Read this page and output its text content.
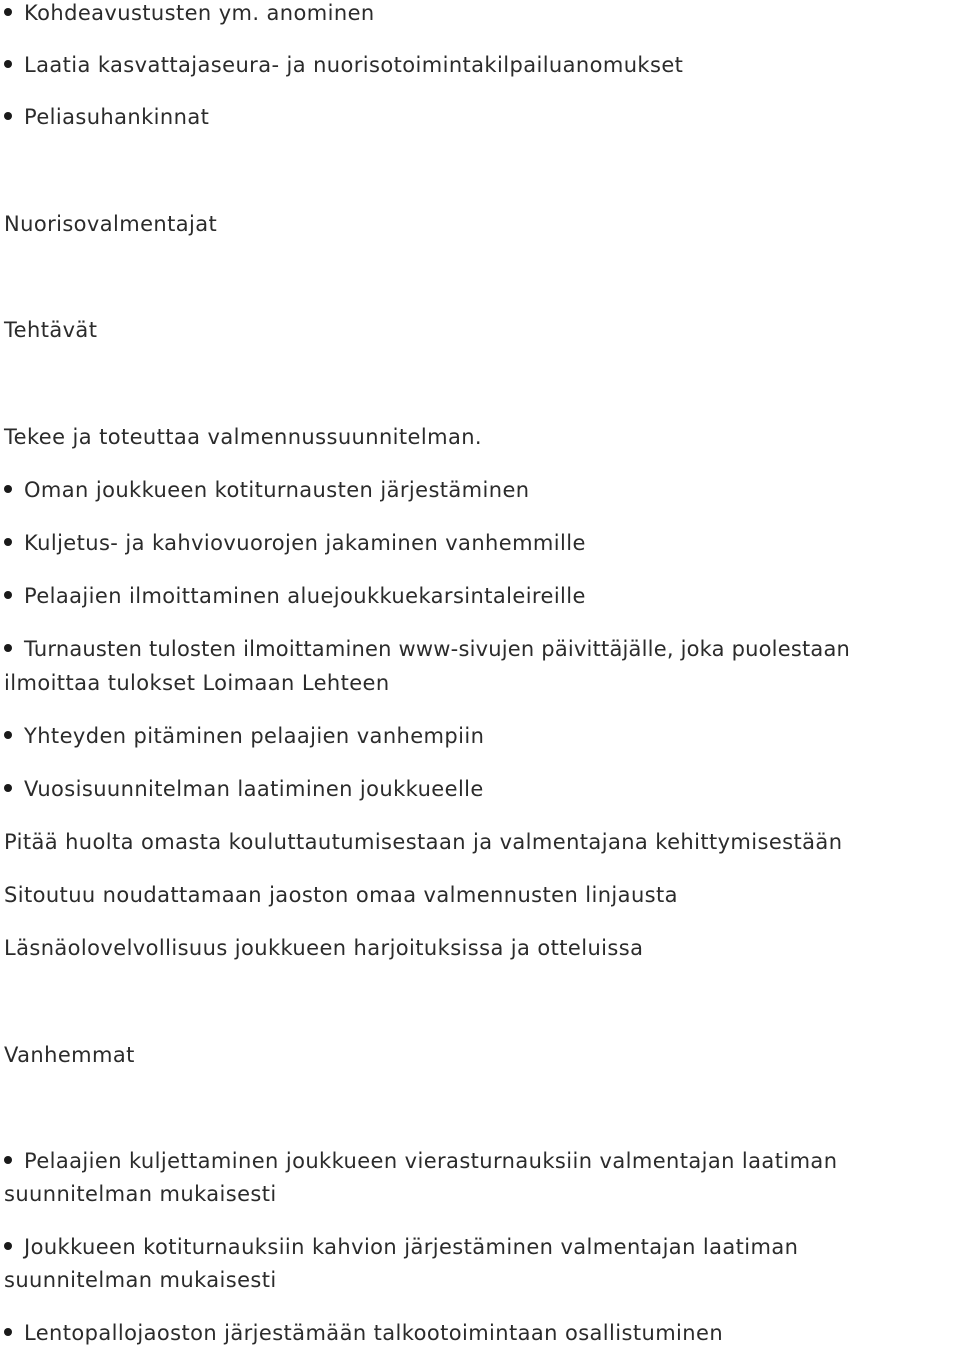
Kohdeavustusten ym. anominen
Laatia kasvattajaseura- ja nuorisotoimintakilpailuanomukset
Peliasuhankinnat
Nuorisovalmentajat
Tehtävät
Tekee ja toteuttaa valmennussuunnitelman.
Oman joukkueen kotiturnausten järjestäminen
Kuljetus- ja kahviovuorojen jakaminen vanhemmille
Pelaajien ilmoittaminen aluejoukkuekarsintaleireille
Turnausten tulosten ilmoittaminen www-sivujen päivittäjälle, joka puolestaan
ilmoittaa tulokset Loimaan Lehteen
Yhteyden pitäminen pelaajien vanhempiin
Vuosisuunnitelman laatiminen joukkueelle
Pitää huolta omasta kouluttautumisestaan ja valmentajana kehittymisestään
Sitoutuu noudattamaan jaoston omaa valmennusten linjausta
Läsnäolovelvollisuus joukkueen harjoituksissa ja otteluissa
Vanhemmat
Pelaajien kuljettaminen joukkueen vierasturnauksiin valmentajan laatiman
suunnitelman mukaisesti
Joukkueen kotiturnauksiin kahvion järjestäminen valmentajan laatiman
suunnitelman mukaisesti
Lentopallojaoston järjestämään talkootoimintaan osallistuminen
